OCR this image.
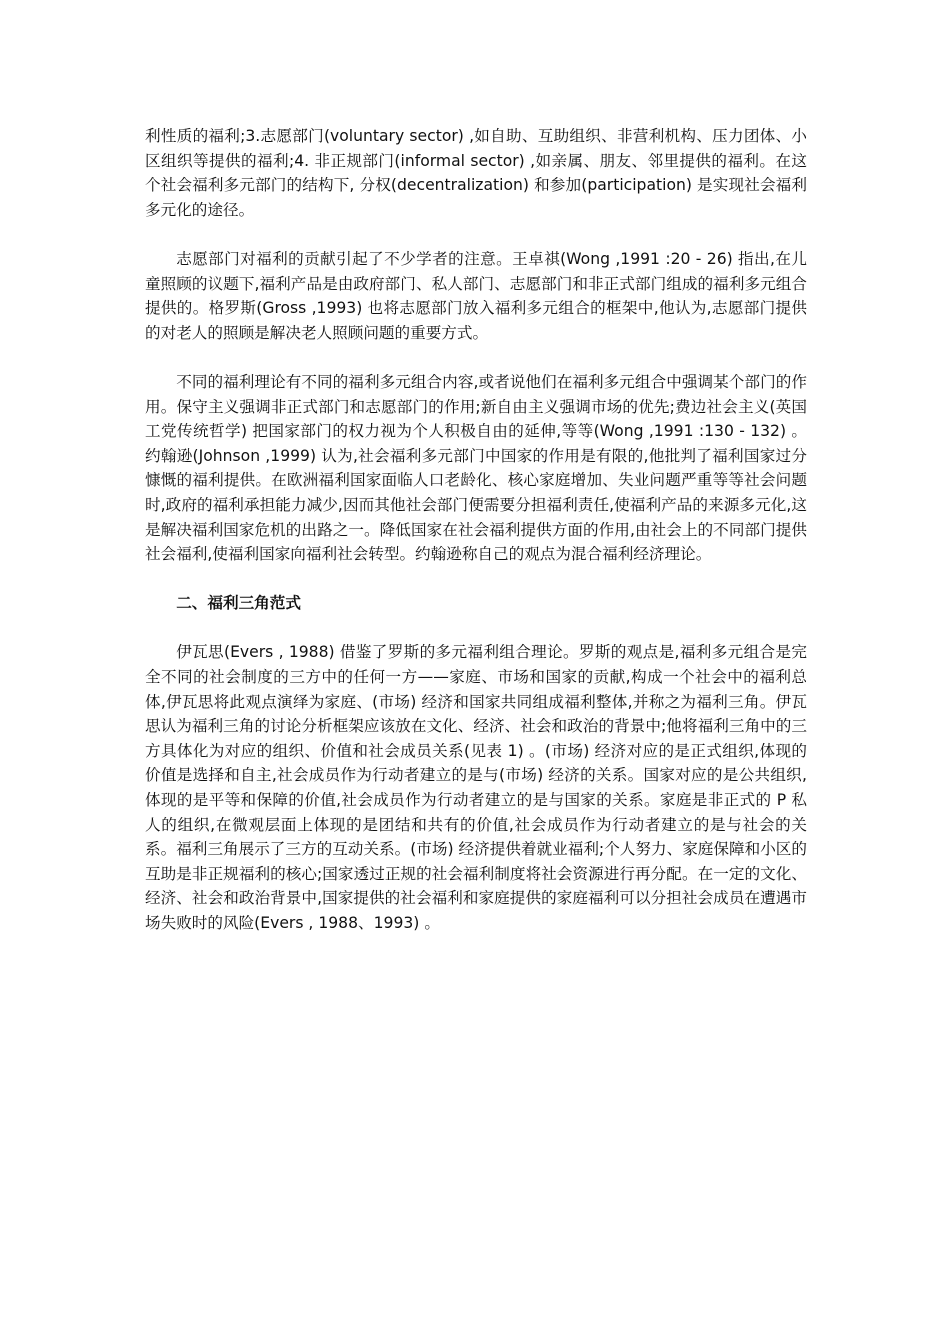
利性质的福利;3.志愿部门(voluntary sector) ,如自助、互助组织、非营利机构、压力团体、小区组织等提供的福利;4. 非正规部门(informal sector) ,如亲属、朋友、邻里提供的福利。在这个社会福利多元部门的结构下, 分权(decentralization) 和参加(participation) 是实现社会福利多元化的途径。

志愿部门对福利的贡献引起了不少学者的注意。王卓祺(Wong ,1991 :20 - 26) 指出,在儿童照顾的议题下,福利产品是由政府部门、私人部门、志愿部门和非正式部门组成的福利多元组合提供的。格罗斯(Gross ,1993) 也将志愿部门放入福利多元组合的框架中,他认为,志愿部门提供的对老人的照顾是解决老人照顾问题的重要方式。

不同的福利理论有不同的福利多元组合内容,或者说他们在福利多元组合中强调某个部门的作用。保守主义强调非正式部门和志愿部门的作用;新自由主义强调市场的优先;费边社会主义(英国工党传统哲学) 把国家部门的权力视为个人积极自由的延伸,等等(Wong ,1991 :130 - 132) 。约翰逊(Johnson ,1999) 认为,社会福利多元部门中国家的作用是有限的,他批判了福利国家过分慷慨的福利提供。在欧洲福利国家面临人口老龄化、核心家庭增加、失业问题严重等等社会问题时,政府的福利承担能力减少,因而其他社会部门便需要分担福利责任,使福利产品的来源多元化,这是解决福利国家危机的出路之一。降低国家在社会福利提供方面的作用,由社会上的不同部门提供社会福利,使福利国家向福利社会转型。约翰逊称自己的观点为混合福利经济理论。

二、福利三角范式

伊瓦思(Evers , 1988) 借鉴了罗斯的多元福利组合理论。罗斯的观点是,福利多元组合是完全不同的社会制度的三方中的任何一方——家庭、市场和国家的贡献,构成一个社会中的福利总体,伊瓦思将此观点演绎为家庭、(市场) 经济和国家共同组成福利整体,并称之为福利三角。伊瓦思认为福利三角的讨论分析框架应该放在文化、经济、社会和政治的背景中;他将福利三角中的三方具体化为对应的组织、价值和社会成员关系(见表 1) 。(市场) 经济对应的是正式组织,体现的价值是选择和自主,社会成员作为行动者建立的是与(市场) 经济的关系。国家对应的是公共组织,体现的是平等和保障的价值,社会成员作为行动者建立的是与国家的关系。家庭是非正式的 P 私人的组织,在微观层面上体现的是团结和共有的价值,社会成员作为行动者建立的是与社会的关系。福利三角展示了三方的互动关系。(市场) 经济提供着就业福利;个人努力、家庭保障和小区的互助是非正规福利的核心;国家透过正规的社会福利制度将社会资源进行再分配。在一定的文化、经济、社会和政治背景中,国家提供的社会福利和家庭提供的家庭福利可以分担社会成员在遭遇市场失败时的风险(Evers , 1988、1993) 。
